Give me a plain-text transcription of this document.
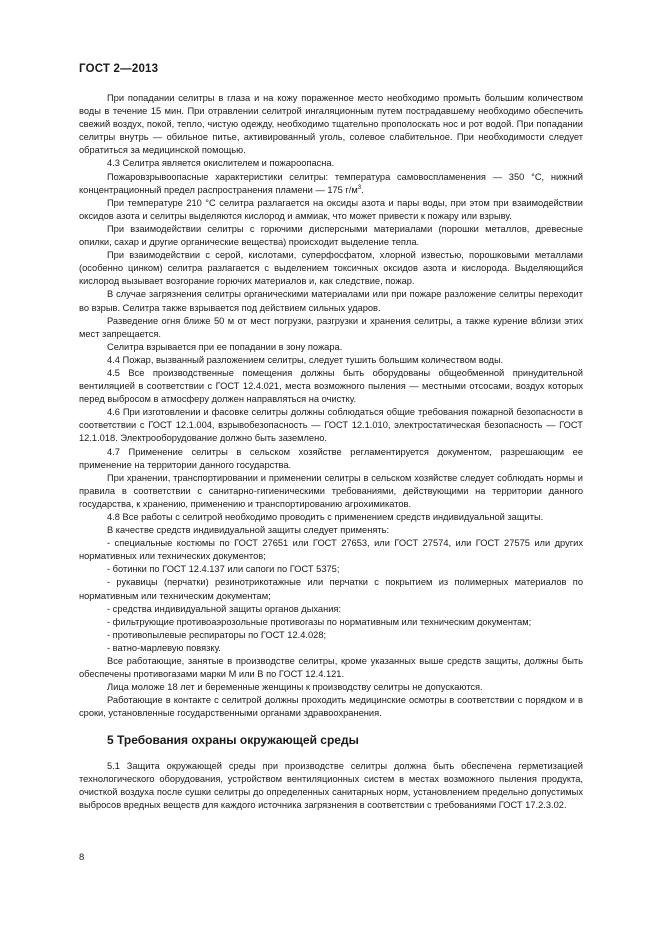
ГОСТ 2—2013

При попадании селитры в глаза и на кожу пораженное место необходимо промыть большим количеством воды в течение 15 мин. При отравлении селитрой ингаляционным путем пострадавшему необходимо обеспечить свежий воздух, покой, тепло, чистую одежду, необходимо тщательно прополоскать нос и рот водой. При попадании селитры внутрь — обильное питье, активированный уголь, солевое слабительное. При необходимости следует обратиться за медицинской помощью.

4.3 Селитра является окислителем и пожароопасна.

Пожаровзрывоопасные характеристики селитры: температура самовоспламенения — 350 °С, нижний концентрационный предел распространения пламени — 175 $г/м^3$.

При температуре 210 °С селитра разлагается на оксиды азота и пары воды, при этом при взаимодействии оксидов азота и селитры выделяются кислород и аммиак, что может привести к пожару или взрыву.

При взаимодействии селитры с горючими дисперсными материалами (порошки металлов, древесные опилки, сахар и другие органические вещества) происходит выделение тепла.

При взаимодействии с серой, кислотами, суперфосфатом, хлорной известью, порошковыми металлами (особенно цинком) селитра разлагается с выделением токсичных оксидов азота и кислорода. Выделяющийся кислород вызывает возгорание горючих материалов и, как следствие, пожар.

В случае загрязнения селитры органическими материалами или при пожаре разложение селитры переходит во взрыв. Селитра также взрывается под действием сильных ударов.

Разведение огня ближе 50 м от мест погрузки, разгрузки и хранения селитры, а также курение вблизи этих мест запрещается.

Селитра взрывается при ее попадании в зону пожара.

4.4 Пожар, вызванный разложением селитры, следует тушить большим количеством воды.

4.5 Все производственные помещения должны быть оборудованы общеобменной принудительной вентиляцией в соответствии с ГОСТ 12.4.021, места возможного пыления — местными отсосами, воздух которых перед выбросом в атмосферу должен направляться на очистку.

4.6 При изготовлении и фасовке селитры должны соблюдаться общие требования пожарной безопасности в соответствии с ГОСТ 12.1.004, взрывобезопасность — ГОСТ 12.1.010, электростатическая безопасность — ГОСТ 12.1.018. Электрооборудование должно быть заземлено.

4.7 Применение селитры в сельском хозяйстве регламентируется документом, разрешающим ее применение на территории данного государства.

При хранении, транспортировании и применении селитры в сельском хозяйстве следует соблюдать нормы и правила в соответствии с санитарно-гигиеническими требованиями, действующими на территории данного государства, к хранению, применению и транспортированию агрохимикатов.

4.8 Все работы с селитрой необходимо проводить с применением средств индивидуальной защиты.

В качестве средств индивидуальной защиты следует применять:

- специальные костюмы по ГОСТ 27651 или ГОСТ 27653, или ГОСТ 27574, или ГОСТ 27575 или других нормативных или технических документов;

- ботинки по ГОСТ 12.4.137 или сапоги по ГОСТ 5375;

- рукавицы (перчатки) резинотрикотажные или перчатки с покрытием из полимерных материалов по нормативным или техническим документам;

- средства индивидуальной защиты органов дыхания:

- фильтрующие противоаэрозольные противогазы по нормативным или техническим документам;

- противопылевые респираторы по ГОСТ 12.4.028;

- ватно-марлевую повязку.

Все работающие, занятые в производстве селитры, кроме указанных выше средств защиты, должны быть обеспечены противогазами марки М или В по ГОСТ 12.4.121.

Лица моложе 18 лет и беременные женщины к производству селитры не допускаются.

Работающие в контакте с селитрой должны проходить медицинские осмотры в соответствии с порядком и в сроки, установленные государственными органами здравоохранения.

5 Требования охраны окружающей среды

5.1 Защита окружающей среды при производстве селитры должна быть обеспечена герметизацией технологического оборудования, устройством вентиляционных систем в местах возможного пыления продукта, очисткой воздуха после сушки селитры до определенных санитарных норм, установлением предельно допустимых выбросов вредных веществ для каждого источника загрязнения в соответствии с требованиями ГОСТ 17.2.3.02.

8
